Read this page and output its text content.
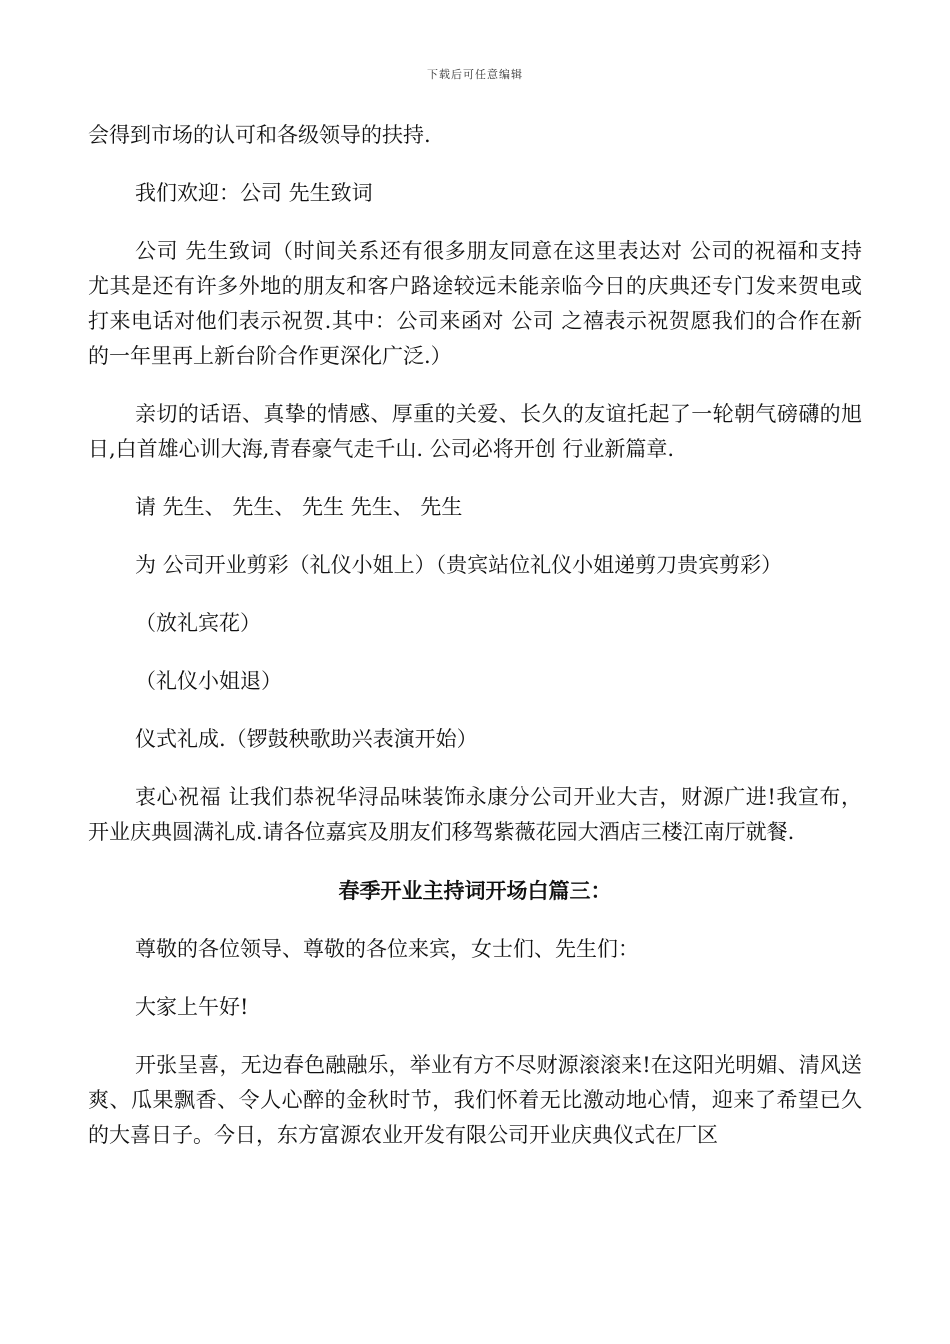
下载后可任意编辑

会得到市场的认可和各级领导的扶持.

我们欢迎：公司 先生致词

公司 先生致词（时间关系还有很多朋友同意在这里表达对 公司的祝福和支持尤其是还有许多外地的朋友和客户路途较远未能亲临今日的庆典还专门发来贺电或打来电话对他们表示祝贺.其中：公司来函对 公司 之禧表示祝贺愿我们的合作在新的一年里再上新台阶合作更深化广泛.）

亲切的话语、真挚的情感、厚重的关爱、长久的友谊托起了一轮朝气磅礴的旭日,白首雄心训大海,青春豪气走千山. 公司必将开创 行业新篇章.

请 先生、 先生、 先生 先生、 先生

为 公司开业剪彩（礼仪小姐上）（贵宾站位礼仪小姐递剪刀贵宾剪彩）

（放礼宾花）

（礼仪小姐退）

仪式礼成.（锣鼓秧歌助兴表演开始）

衷心祝福 让我们恭祝华浔品味装饰永康分公司开业大吉，财源广进!我宣布，开业庆典圆满礼成.请各位嘉宾及朋友们移驾紫薇花园大酒店三楼江南厅就餐.

春季开业主持词开场白篇三：

尊敬的各位领导、尊敬的各位来宾，女士们、先生们：

大家上午好!

开张呈喜，无边春色融融乐，举业有方不尽财源滚滚来!在这阳光明媚、清风送爽、瓜果飘香、令人心醉的金秋时节，我们怀着无比激动地心情，迎来了希望已久的大喜日子。今日，东方富源农业开发有限公司开业庆典仪式在厂区
